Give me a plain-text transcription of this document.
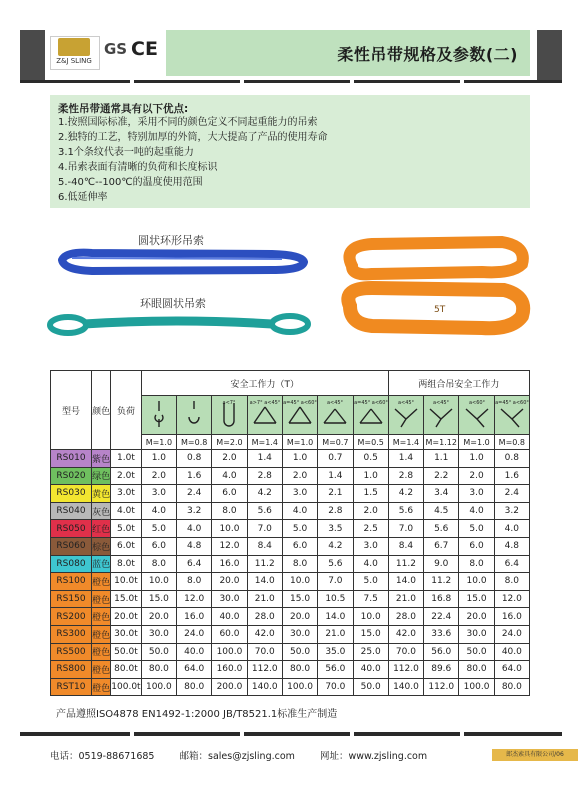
Z&J SLING
GS CE	柔性吊带规格及参数(二)
柔性吊带通常具有以下优点:
1.按照国际标准，采用不同的颜色定义不同起重能力的吊索
2.独特的工艺，特别加厚的外筒，大大提高了产品的使用寿命
3.1个条纹代表一吨的起重能力
4.吊索表面有清晰的负荷和长度标识
5.-40℃--100℃的温度使用范围
6.低延伸率
圆状环形吊索
环眼圆状吊索	5T
型号	颜色	负荷	安全工作力（T）							两组合吊安全工作力			

a<7°	a>7° a<45°	a=45° a<60°	a<45°	a=45° a<60°	a<45°	a<45°	a<60°	a=45° a<60°

			M=1.0	M=0.8	M=2.0	M=1.4	M=1.0	M=0.7	M=0.5	M=1.4	M=1.12	M=1.0	M=0.8
RS010	紫色	1.0t	1.0	0.8	2.0	1.4	1.0	0.7	0.5	1.4	1.1	1.0	0.8
RS020	绿色	2.0t	2.0	1.6	4.0	2.8	2.0	1.4	1.0	2.8	2.2	2.0	1.6
RS030	黄色	3.0t	3.0	2.4	6.0	4.2	3.0	2.1	1.5	4.2	3.4	3.0	2.4
RS040	灰色	4.0t	4.0	3.2	8.0	5.6	4.0	2.8	2.0	5.6	4.5	4.0	3.2
RS050	红色	5.0t	5.0	4.0	10.0	7.0	5.0	3.5	2.5	7.0	5.6	5.0	4.0
RS060	棕色	6.0t	6.0	4.8	12.0	8.4	6.0	4.2	3.0	8.4	6.7	6.0	4.8
RS080	蓝色	8.0t	8.0	6.4	16.0	11.2	8.0	5.6	4.0	11.2	9.0	8.0	6.4
RS100	橙色	10.0t	10.0	8.0	20.0	14.0	10.0	7.0	5.0	14.0	11.2	10.0	8.0
RS150	橙色	15.0t	15.0	12.0	30.0	21.0	15.0	10.5	7.5	21.0	16.8	15.0	12.0
RS200	橙色	20.0t	20.0	16.0	40.0	28.0	20.0	14.0	10.0	28.0	22.4	20.0	16.0
RS300	橙色	30.0t	30.0	24.0	60.0	42.0	30.0	21.0	15.0	42.0	33.6	30.0	24.0
RS500	橙色	50.0t	50.0	40.0	100.0	70.0	50.0	35.0	25.0	70.0	56.0	50.0	40.0
RS800	橙色	80.0t	80.0	64.0	160.0	112.0	80.0	56.0	40.0	112.0	89.6	80.0	64.0
RST10	橙色	100.0t	100.0	80.0	200.0	140.0	100.0	70.0	50.0	140.0	112.0	100.0	80.0
产品遵照ISO4878 EN1492-1:2000 JB/T8521.1标准生产制造
电话：0519-88671685	邮箱：sales@zjsling.com	网址：www.zjsling.com	郎杰索具有限公司/06
